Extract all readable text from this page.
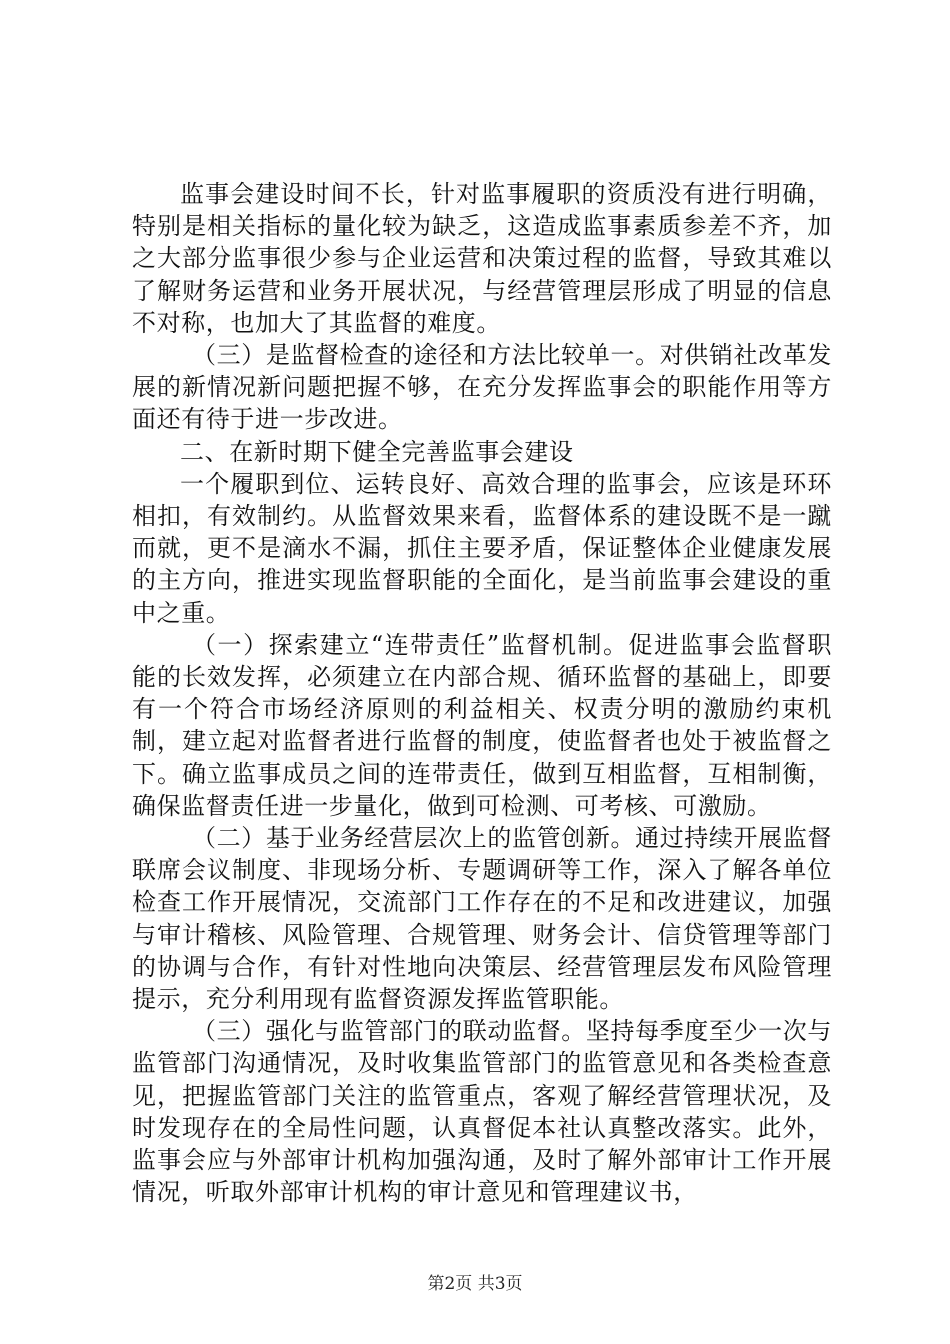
监事会建设时间不长，针对监事履职的资质没有进行明确，特别是相关指标的量化较为缺乏，这造成监事素质参差不齐，加之大部分监事很少参与企业运营和决策过程的监督，导致其难以了解财务运营和业务开展状况，与经营管理层形成了明显的信息不对称，也加大了其监督的难度。

（三）是监督检查的途径和方法比较单一。对供销社改革发展的新情况新问题把握不够，在充分发挥监事会的职能作用等方面还有待于进一步改进。

二、在新时期下健全完善监事会建设

一个履职到位、运转良好、高效合理的监事会，应该是环环相扣，有效制约。从监督效果来看，监督体系的建设既不是一蹴而就，更不是滴水不漏，抓住主要矛盾，保证整体企业健康发展的主方向，推进实现监督职能的全面化，是当前监事会建设的重中之重。

（一）探索建立“连带责任”监督机制。促进监事会监督职能的长效发挥，必须建立在内部合规、循环监督的基础上，即要有一个符合市场经济原则的利益相关、权责分明的激励约束机制，建立起对监督者进行监督的制度，使监督者也处于被监督之下。确立监事成员之间的连带责任，做到互相监督，互相制衡，确保监督责任进一步量化，做到可检测、可考核、可激励。

（二）基于业务经营层次上的监管创新。通过持续开展监督联席会议制度、非现场分析、专题调研等工作，深入了解各单位检查工作开展情况，交流部门工作存在的不足和改进建议，加强与审计稽核、风险管理、合规管理、财务会计、信贷管理等部门的协调与合作，有针对性地向决策层、经营管理层发布风险管理提示，充分利用现有监督资源发挥监管职能。

（三）强化与监管部门的联动监督。坚持每季度至少一次与监管部门沟通情况，及时收集监管部门的监管意见和各类检查意见，把握监管部门关注的监管重点，客观了解经营管理状况，及时发现存在的全局性问题，认真督促本社认真整改落实。此外，监事会应与外部审计机构加强沟通，及时了解外部审计工作开展情况，听取外部审计机构的审计意见和管理建议书，

第2页 共3页
